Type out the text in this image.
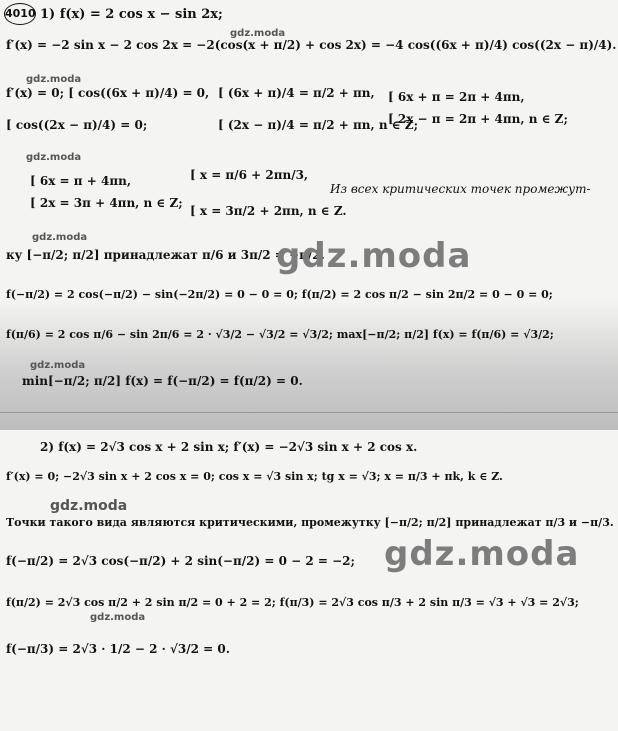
4010 1) f(x) = 2 cos x − sin 2x;
f′(x) = −2 sin x − 2 cos 2x = −2(cos(x + π/2) + cos 2x) = −4 cos((6x + π)/4) cos((2x − π)/4).
f′(x) = 0; [ cos((6x + π)/4) = 0,
[ cos((2x − π)/4) = 0;
[ (6x + π)/4 = π/2 + πn,
[ (2x − π)/4 = π/2 + πn, n ∈ Z;
[ 6x + π = 2π + 4πn,
[ 2x − π = 2π + 4πn, n ∈ Z;
[ 6x = π + 4πn,
[ 2x = 3π + 4πn, n ∈ Z;
[ x = π/6 + 2πn/3,
[ x = 3π/2 + 2πn, n ∈ Z.
Из всех критических точек промежут-
ку [−π/2; π/2] принадлежат π/6 и 3π/2 = −π/2.
f(−π/2) = 2 cos(−π/2) − sin(−2π/2) = 0 − 0 = 0; f(π/2) = 2 cos π/2 − sin 2π/2 = 0 − 0 = 0;
f(π/6) = 2 cos π/6 − sin 2π/6 = 2 · √3/2 − √3/2 = √3/2; max[−π/2; π/2] f(x) = f(π/6) = √3/2;
min[−π/2; π/2] f(x) = f(−π/2) = f(π/2) = 0.
2) f(x) = 2√3 cos x + 2 sin x; f′(x) = −2√3 sin x + 2 cos x.
f′(x) = 0; −2√3 sin x + 2 cos x = 0; cos x = √3 sin x; tg x = √3; x = π/3 + πk, k ∈ Z.
Точки такого вида являются критическими, промежутку [−π/2; π/2] принадлежат π/3 и −π/3.
f(−π/2) = 2√3 cos(−π/2) + 2 sin(−π/2) = 0 − 2 = −2;
f(π/2) = 2√3 cos π/2 + 2 sin π/2 = 0 + 2 = 2; f(π/3) = 2√3 cos π/3 + 2 sin π/3 = √3 + √3 = 2√3;
f(−π/3) = 2√3 · 1/2 − 2 · √3/2 = 0.
gdz.moda
gdz.moda
gdz.moda
gdz.moda
gdz.moda
gdz.moda
gdz.moda
gdz.moda
gdz.moda
